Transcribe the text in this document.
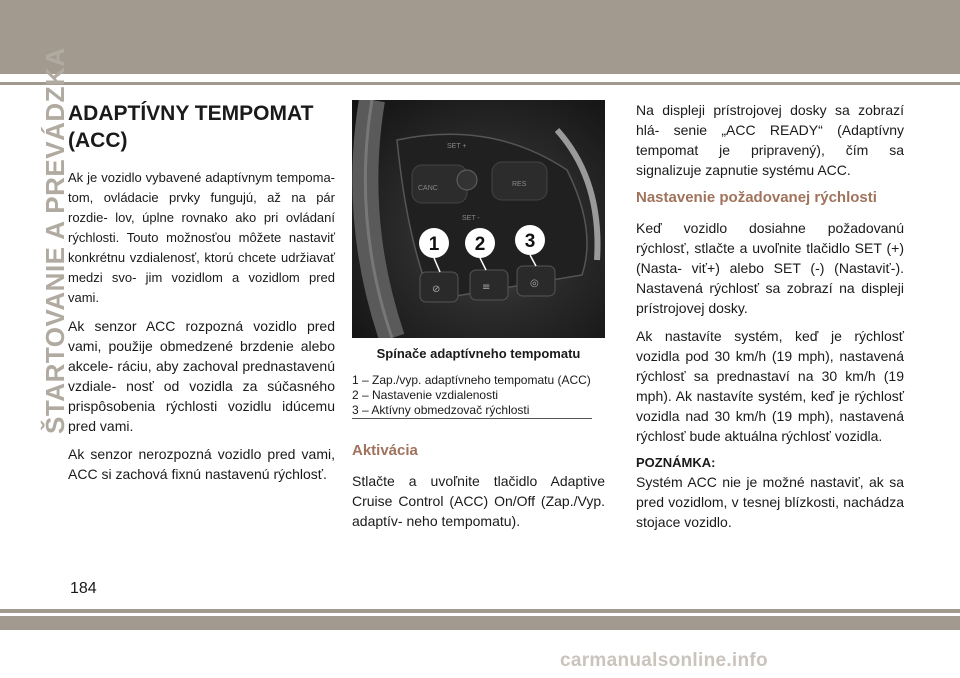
ŠTARTOVANIE A PREVÁDZKA
ADAPTÍVNY TEMPOMAT
(ACC)

Ak je vozidlo vybavené adaptívnym tempoma- tom, ovládacie prvky fungujú, až na pár rozdie- lov, úplne rovnako ako pri ovládaní rýchlosti. Touto možnosťou môžete nastaviť konkrétnu vzdialenosť, ktorú chcete udržiavať medzi svo- jim vozidlom a vozidlom pred vami.

Ak senzor ACC rozpozná vozidlo pred vami, použije obmedzené brzdenie alebo akcele- ráciu, aby zachoval prednastavenú vzdiale- nosť od vozidla za súčasného prispôsobenia rýchlosti vozidlu idúcemu pred vami.

Ak senzor nerozpozná vozidlo pred vami, ACC si zachová fixnú nastavenú rýchlosť.

SET +
CANC
RES
SET -
⊘	≡	◎
1 2 3
Spínače adaptívneho tempomatu
1 – Zap./vyp. adaptívneho tempomatu (ACC)
2 – Nastavenie vzdialenosti
3 – Aktívny obmedzovač rýchlosti
Aktivácia

Stlačte a uvoľnite tlačidlo Adaptive Cruise Control (ACC) On/Off (Zap./Vyp. adaptív- neho tempomatu).

Na displeji prístrojovej dosky sa zobrazí hlá- senie „ACC READY“ (Adaptívny tempomat je pripravený), čím sa signalizuje zapnutie systému ACC.

Nastavenie požadovanej rýchlosti

Keď vozidlo dosiahne požadovanú rýchlosť, stlačte a uvoľnite tlačidlo SET (+) (Nasta- viť+) alebo SET (-) (Nastaviť-). Nastavená rýchlosť sa zobrazí na displeji prístrojovej dosky.

Ak nastavíte systém, keď je rýchlosť vozidla pod 30 km/h (19 mph), nastavená rýchlosť sa prednastaví na 30 km/h (19 mph). Ak nastavíte systém, keď je rýchlosť vozidla nad 30 km/h (19 mph), nastavená rýchlosť bude aktuálna rýchlosť vozidla.

POZNÁMKA:

Systém ACC nie je možné nastaviť, ak sa pred vozidlom, v tesnej blízkosti, nachádza stojace vozidlo.

184
carmanualsonline.info
